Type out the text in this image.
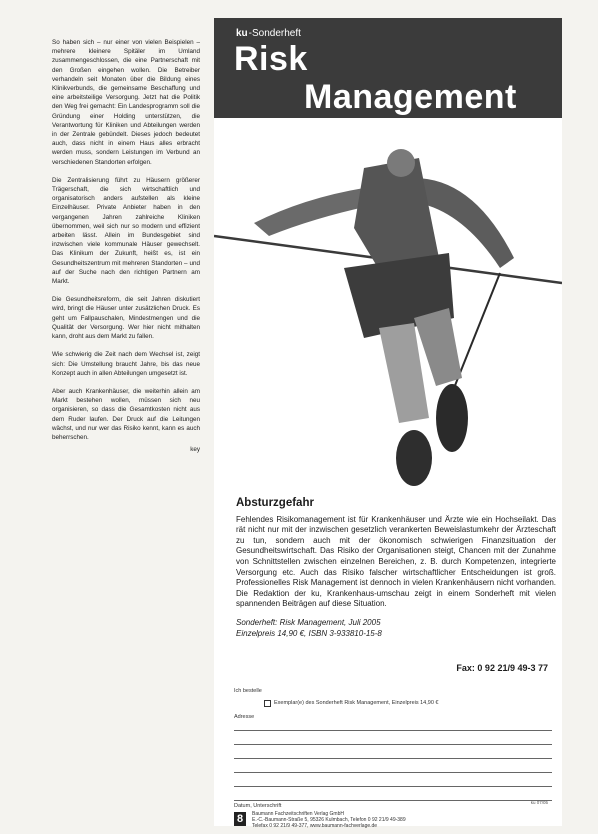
So haben sich – nur einer von vielen Beispielen – mehrere kleinere Spitäler im Umland zusammengeschlossen, die eine Partnerschaft mit den Großen eingehen wollen. Die Betreiber verhandeln seit Monaten über die Bildung eines Klinikverbunds, die gemeinsame Beschaffung und eine arbeitsteilige Versorgung. Jetzt hat die Politik den Weg frei gemacht: Ein Landesprogramm soll die Gründung einer Holding unterstützen, die Verantwortung für Kliniken und Abteilungen werden in der Zentrale gebündelt. Dieses jedoch bedeutet auch, dass nicht in einem Haus alles erbracht werden muss, sondern Leistungen im Verbund an verschiedenen Standorten erfolgen.

Die Zentralisierung führt zu Häusern größerer Trägerschaft, die sich wirtschaftlich und organisatorisch anders aufstellen als kleine Einzelhäuser. Private Anbieter haben in den vergangenen Jahren zahlreiche Kliniken übernommen, weil sich nur so modern und effizient arbeiten lässt. Allein im Bundesgebiet sind inzwischen viele kommunale Häuser gewechselt. Das Klinikum der Zukunft, heißt es, ist ein Gesundheitszentrum mit mehreren Standorten – und auf der Suche nach den richtigen Partnern am Markt.

Die Gesundheitsreform, die seit Jahren diskutiert wird, bringt die Häuser unter zusätzlichen Druck. Es geht um Fallpauschalen, Mindestmengen und die Qualität der Versorgung. Wer hier nicht mithalten kann, droht aus dem Markt zu fallen.

Wie schwierig die Zeit nach dem Wechsel ist, zeigt sich: Die Umstellung braucht Jahre, bis das neue Konzept auch in allen Abteilungen umgesetzt ist.

Aber auch Krankenhäuser, die weiterhin allein am Markt bestehen wollen, müssen sich neu organisieren, so dass die Gesamtkosten nicht aus dem Ruder laufen. Der Druck auf die Leitungen wächst, und nur wer das Risiko kennt, kann es auch beherrschen.

key

ku-Sonderheft
Risk
Management
Absturzgefahr
Fehlendes Risikomanagement ist für Krankenhäuser und Ärzte wie ein Hochseilakt. Das rät nicht nur mit der inzwischen gesetzlich verankerten Beweislastumkehr der Ärzteschaft zu tun, sondern auch mit der ökonomisch schwierigen Finanzsituation der Gesundheitswirtschaft. Das Risiko der Organisationen steigt, Chancen mit der Zunahme von Schnittstellen zwischen einzelnen Bereichen, z. B. durch Kompetenzen, integrierte Versorgung etc. Auch das Risiko falscher wirtschaftlicher Entscheidungen ist groß. Professionelles Risk Management ist dennoch in vielen Krankenhäusern nicht vorhanden. Die Redaktion der ku, Krankenhaus-umschau zeigt in einem Sonderheft mit vielen spannenden Beiträgen auf diese Situation.
Sonderheft: Risk Management, Juli 2005
Einzelpreis 14,90 €, ISBN 3-933810-15-8
Fax: 0 92 21/9 49-3 77
Ich bestelle
Exemplar(e) des Sonderheft Risk Management, Einzelpreis 14,90 €
Adresse
Datum, Unterschrift
8	Baumann Fachzeitschriften Verlag GmbH
E.-C.-Baumann-Straße 5, 95326 Kulmbach, Telefon 0 92 21/9 49-389
Telefax 0 92 21/9 49-377, www.baumann-fachverlage.de
ku 07/05
